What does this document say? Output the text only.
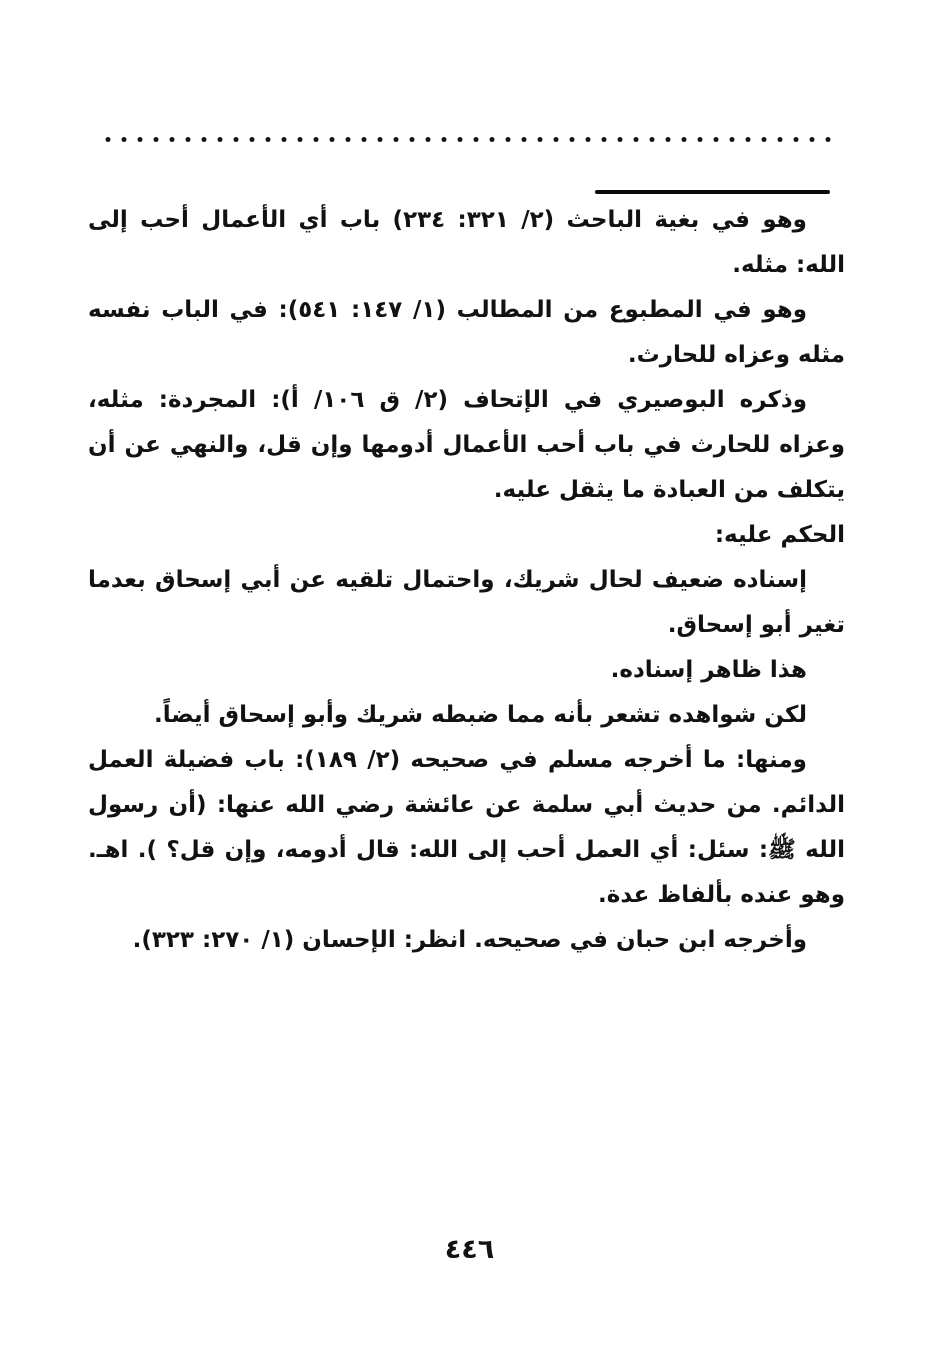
وهو في بغية الباحث (٢/ ٣٢١: ٢٣٤) باب أي الأعمال أحب إلى الله: مثله.

وهو في المطبوع من المطالب (١/ ١٤٧: ٥٤١): في الباب نفسه مثله وعزاه للحارث.

وذكره البوصيري في الإتحاف (٢/ ق ١٠٦/ أ): المجردة: مثله، وعزاه للحارث في باب أحب الأعمال أدومها وإن قل، والنهي عن أن يتكلف من العبادة ما يثقل عليه.

الحكم عليه:

إسناده ضعيف لحال شريك، واحتمال تلقيه عن أبي إسحاق بعدما تغير أبو إسحاق.

هذا ظاهر إسناده.

لكن شواهده تشعر بأنه مما ضبطه شريك وأبو إسحاق أيضاً.

ومنها: ما أخرجه مسلم في صحيحه (٢/ ١٨٩): باب فضيلة العمل الدائم. من حديث أبي سلمة عن عائشة رضي الله عنها: (أن رسول الله ﷺ: سئل: أي العمل أحب إلى الله: قال أدومه، وإن قل؟ ). اهـ. وهو عنده بألفاظ عدة.

وأخرجه ابن حبان في صحيحه. انظر: الإحسان (١/ ٢٧٠: ٣٢٣).

٤٤٦
